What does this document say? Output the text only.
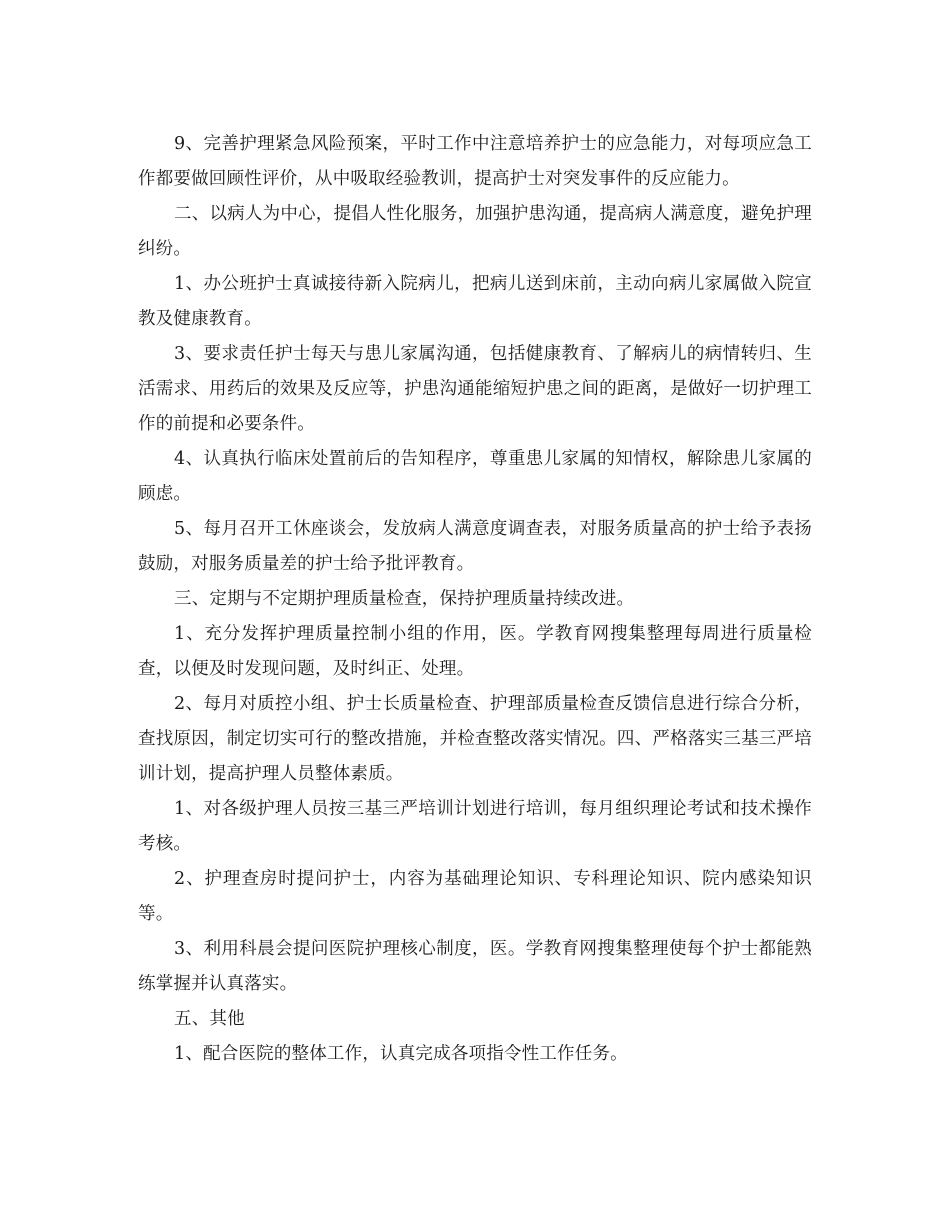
9、完善护理紧急风险预案，平时工作中注意培养护士的应急能力，对每项应急工作都要做回顾性评价，从中吸取经验教训，提高护士对突发事件的反应能力。

二、以病人为中心，提倡人性化服务，加强护患沟通，提高病人满意度，避免护理纠纷。

1、办公班护士真诚接待新入院病儿，把病儿送到床前，主动向病儿家属做入院宣教及健康教育。

3、要求责任护士每天与患儿家属沟通，包括健康教育、了解病儿的病情转归、生活需求、用药后的效果及反应等，护患沟通能缩短护患之间的距离，是做好一切护理工作的前提和必要条件。

4、认真执行临床处置前后的告知程序，尊重患儿家属的知情权，解除患儿家属的顾虑。

5、每月召开工休座谈会，发放病人满意度调查表，对服务质量高的护士给予表扬鼓励，对服务质量差的护士给予批评教育。

三、定期与不定期护理质量检查，保持护理质量持续改进。

1、充分发挥护理质量控制小组的作用，医。学教育网搜集整理每周进行质量检查，以便及时发现问题，及时纠正、处理。

2、每月对质控小组、护士长质量检查、护理部质量检查反馈信息进行综合分析，查找原因，制定切实可行的整改措施，并检查整改落实情况。四、严格落实三基三严培训计划，提高护理人员整体素质。

1、对各级护理人员按三基三严培训计划进行培训，每月组织理论考试和技术操作考核。

2、护理查房时提问护士，内容为基础理论知识、专科理论知识、院内感染知识等。

3、利用科晨会提问医院护理核心制度，医。学教育网搜集整理使每个护士都能熟练掌握并认真落实。

五、其他

1、配合医院的整体工作，认真完成各项指令性工作任务。
